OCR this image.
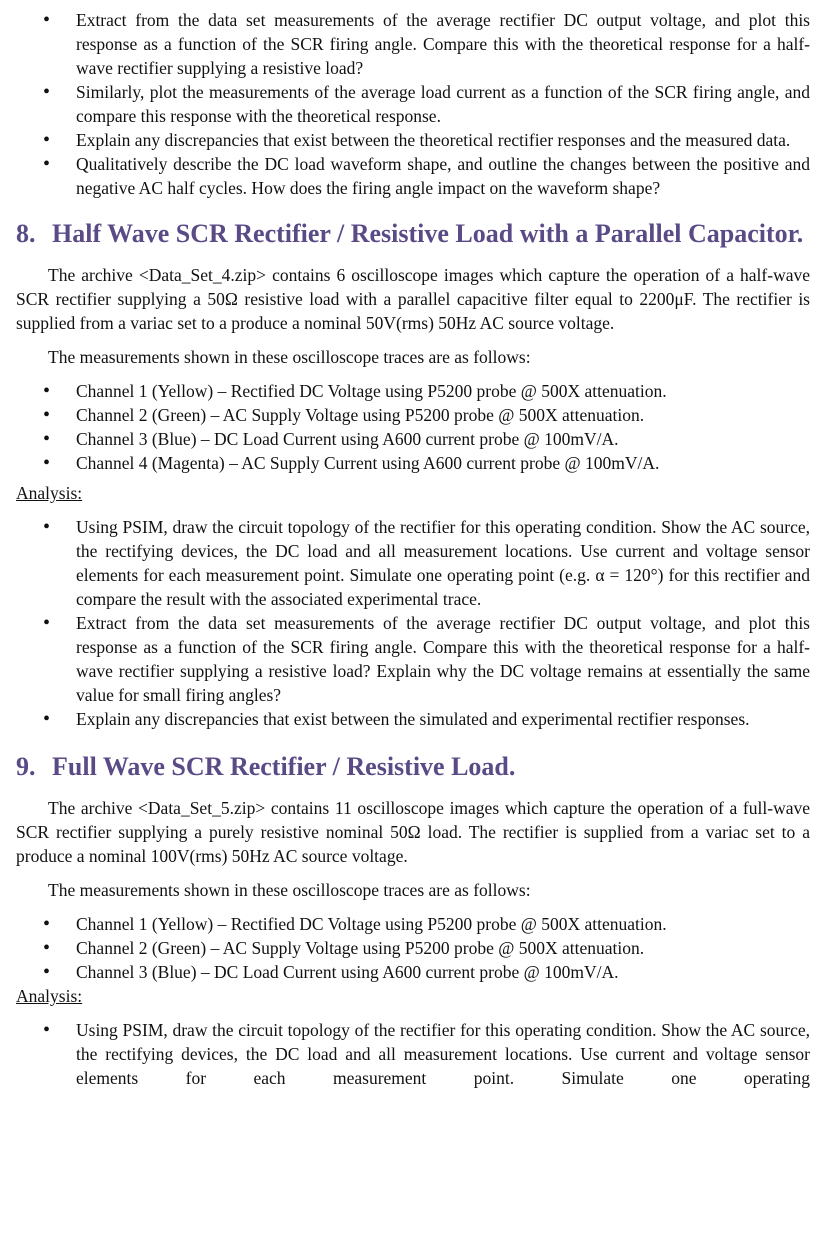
• Extract from the data set measurements of the average rectifier DC output voltage, and plot this response as a function of the SCR firing angle. Compare this with the theoretical response for a half-wave rectifier supplying a resistive load?
• Similarly, plot the measurements of the average load current as a function of the SCR firing angle, and compare this response with the theoretical response.
• Explain any discrepancies that exist between the theoretical rectifier responses and the measured data.
• Qualitatively describe the DC load waveform shape, and outline the changes between the positive and negative AC half cycles. How does the firing angle impact on the waveform shape?
8. Half Wave SCR Rectifier / Resistive Load with a Parallel Capacitor.

The archive <Data_Set_4.zip> contains 6 oscilloscope images which capture the operation of a half-wave SCR rectifier supplying a 50Ω resistive load with a parallel capacitive filter equal to 2200μF. The rectifier is supplied from a variac set to a produce a nominal 50V(rms) 50Hz AC source voltage.

The measurements shown in these oscilloscope traces are as follows:

• Channel 1 (Yellow) – Rectified DC Voltage using P5200 probe @ 500X attenuation.
• Channel 2 (Green) – AC Supply Voltage using P5200 probe @ 500X attenuation.
• Channel 3 (Blue) – DC Load Current using A600 current probe @ 100mV/A.
• Channel 4 (Magenta) – AC Supply Current using A600 current probe @ 100mV/A.

Analysis:

• Using PSIM, draw the circuit topology of the rectifier for this operating condition. Show the AC source, the rectifying devices, the DC load and all measurement locations. Use current and voltage sensor elements for each measurement point. Simulate one operating point (e.g. α = 120°) for this rectifier and compare the result with the associated experimental trace.
• Extract from the data set measurements of the average rectifier DC output voltage, and plot this response as a function of the SCR firing angle. Compare this with the theoretical response for a half-wave rectifier supplying a resistive load? Explain why the DC voltage remains at essentially the same value for small firing angles?
• Explain any discrepancies that exist between the simulated and experimental rectifier responses.
9. Full Wave SCR Rectifier / Resistive Load.

The archive <Data_Set_5.zip> contains 11 oscilloscope images which capture the operation of a full-wave SCR rectifier supplying a purely resistive nominal 50Ω load. The rectifier is supplied from a variac set to a produce a nominal 100V(rms) 50Hz AC source voltage.

The measurements shown in these oscilloscope traces are as follows:

• Channel 1 (Yellow) – Rectified DC Voltage using P5200 probe @ 500X attenuation.
• Channel 2 (Green) – AC Supply Voltage using P5200 probe @ 500X attenuation.
• Channel 3 (Blue) – DC Load Current using A600 current probe @ 100mV/A.

Analysis:

• Using PSIM, draw the circuit topology of the rectifier for this operating condition. Show the AC source, the rectifying devices, the DC load and all measurement locations. Use current and voltage sensor elements for each measurement point. Simulate one operating
